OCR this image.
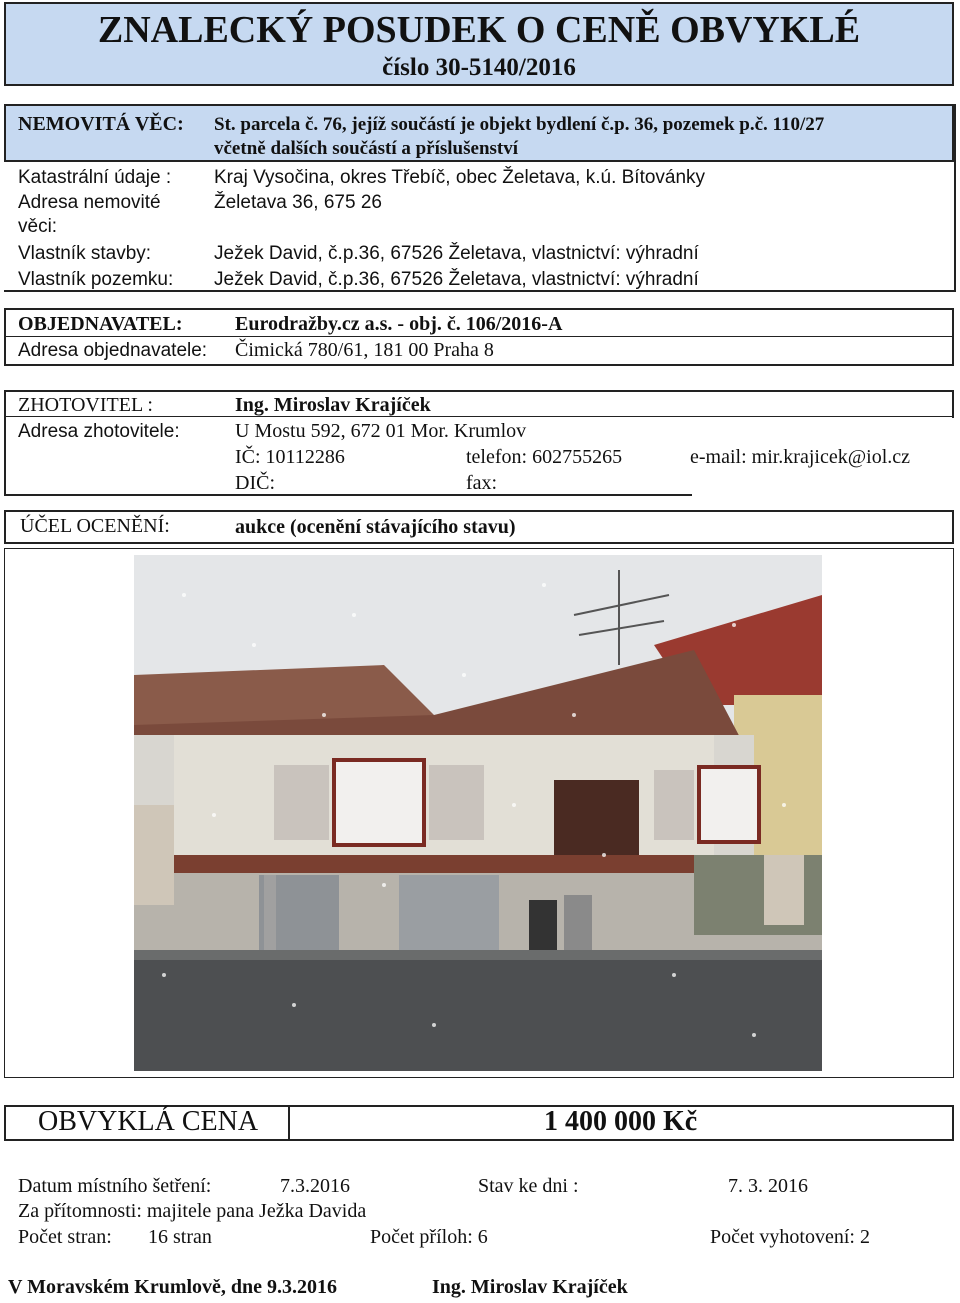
ZNALECKÝ POSUDEK O CENĚ OBVYKLÉ
číslo 30-5140/2016
NEMOVITÁ VĚC: St. parcela č. 76, jejíž součástí je objekt bydlení č.p. 36, pozemek p.č. 110/27
včetně dalších součástí a příslušenství
Katastrální údaje : Kraj Vysočina, okres Třebíč, obec Želetava, k.ú. Bítovánky
Adresa nemovité	Želetava 36, 675 26
věci:
Vlastník stavby:	Ježek David, č.p.36, 67526 Želetava, vlastnictví: výhradní
Vlastník pozemku: Ježek David, č.p.36, 67526 Želetava, vlastnictví: výhradní
OBJEDNAVATEL:	Eurodražby.cz a.s. - obj. č. 106/2016-A
Adresa objednavatele: Čimická 780/61, 181 00 Praha 8
ZHOTOVITEL :	Ing. Miroslav Krajíček
Adresa zhotovitele:	U Mostu 592, 672 01 Mor. Krumlov
IČ: 10112286	telefon: 602755265	e-mail: mir.krajicek@iol.cz
DIČ:	fax:
ÚČEL OCENĚNÍ:	aukce (ocenění stávajícího stavu)
OBVYKLÁ CENA	1 400 000 Kč
Datum místního šetření:	7.3.2016	Stav ke dni :	7. 3. 2016
Za přítomnosti: majitele pana Ježka Davida
Počet stran: 16 stran	Počet příloh: 6	Počet vyhotovení: 2
V Moravském Krumlově, dne 9.3.2016	Ing. Miroslav Krajíček
